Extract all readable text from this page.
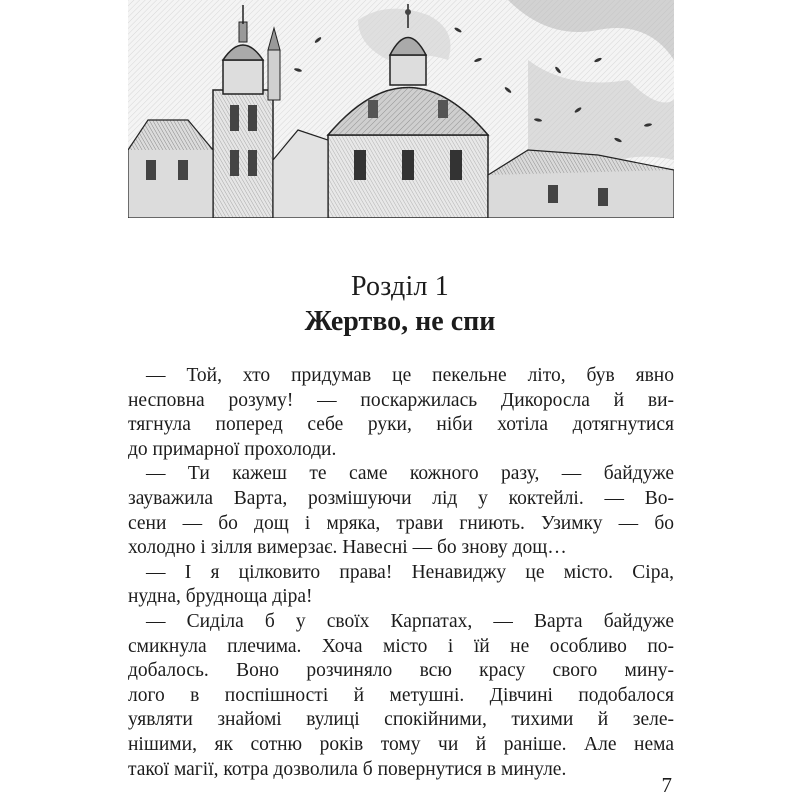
Розділ 1
Жертво, не спи
— Той, хто придумав це пекельне літо, був явно
несповна розуму! — поскаржилась Дикоросла й ви-
тягнула поперед себе руки, ніби хотіла дотягнутися
до примарної прохолоди.
— Ти кажеш те саме кожного разу, — байдуже
зауважила Варта, розмішуючи лід у коктейлі. — Во-
сени — бо дощ і мряка, трави гниють. Узимку — бо
холодно і зілля вимерзає. Навесні — бо знову дощ…
— І я цілковито права! Ненавиджу це місто. Сіра,
нудна, брудноща діра!
— Сиділа б у своїх Карпатах, — Варта байдуже
смикнула плечима. Хоча місто і їй не особливо по-
добалось. Воно розчиняло всю красу свого мину-
лого в поспішності й метушні. Дівчині подобалося
уявляти знайомі вулиці спокійними, тихими й зеле-
нішими, як сотню років тому чи й раніше. Але нема
такої магії, котра дозволила б повернутися в минуле.
7
